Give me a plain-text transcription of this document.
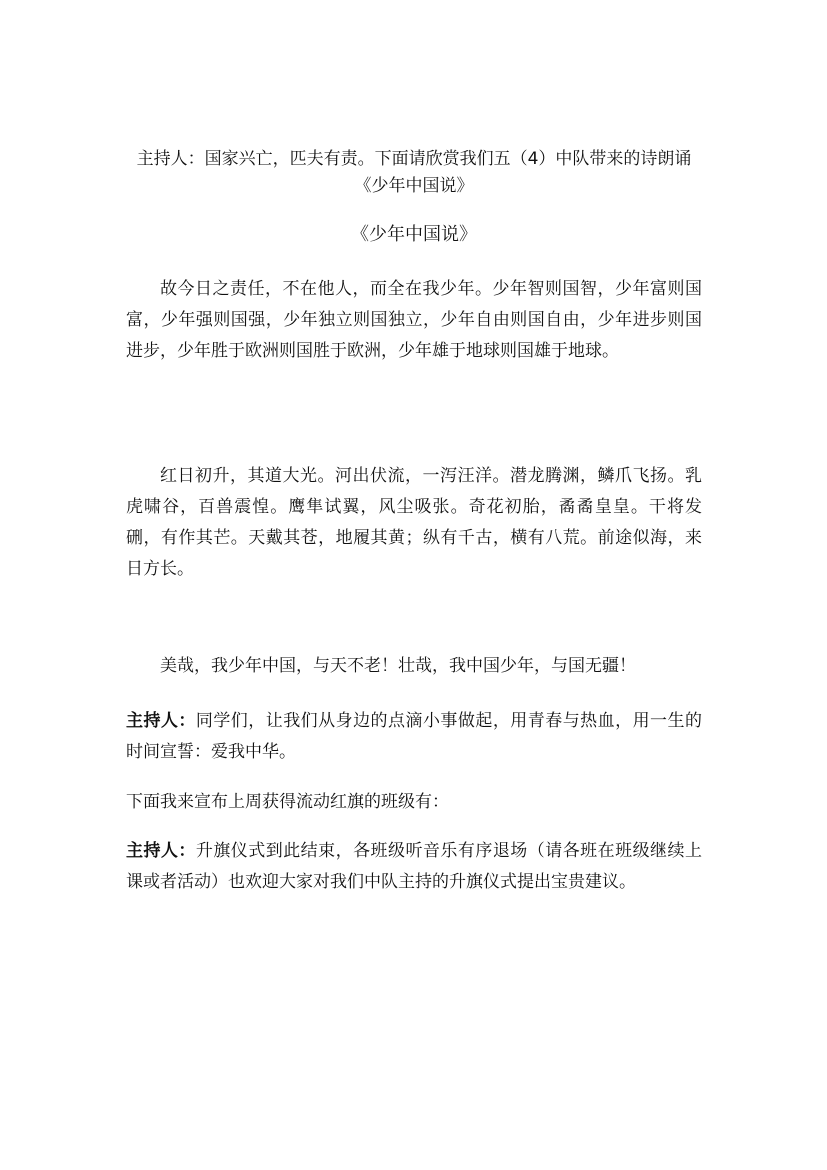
主持人：国家兴亡，匹夫有责。下面请欣赏我们五（4）中队带来的诗朗诵《少年中国说》

《少年中国说》

故今日之责任，不在他人，而全在我少年。少年智则国智，少年富则国富，少年强则国强，少年独立则国独立，少年自由则国自由，少年进步则国进步，少年胜于欧洲则国胜于欧洲，少年雄于地球则国雄于地球。

红日初升，其道大光。河出伏流，一泻汪洋。潜龙腾渊，鳞爪飞扬。乳虎啸谷，百兽震惶。鹰隼试翼，风尘吸张。奇花初胎，矞矞皇皇。干将发硎，有作其芒。天戴其苍，地履其黄；纵有千古，横有八荒。前途似海，来日方长。

美哉，我少年中国，与天不老！壮哉，我中国少年，与国无疆！

主持人：同学们，让我们从身边的点滴小事做起，用青春与热血，用一生的时间宣誓：爱我中华。

下面我来宣布上周获得流动红旗的班级有：

主持人：升旗仪式到此结束，各班级听音乐有序退场（请各班在班级继续上课或者活动）也欢迎大家对我们中队主持的升旗仪式提出宝贵建议。
